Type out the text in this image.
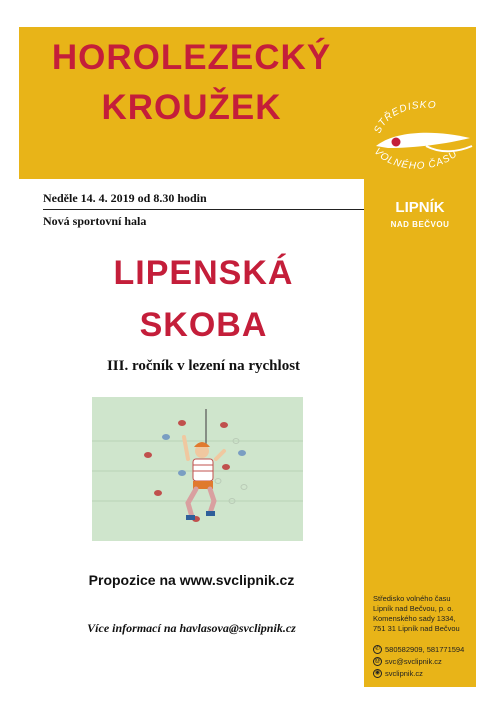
HOROLEZECKÝ
KROUŽEK
STŘEDISKO
VOLNÉHO ČASU
LIPNÍK
NAD BEČVOU

Neděle 14. 4. 2019 od 8.30 hodin

Nová sportovní hala

LIPENSKÁ
SKOBA

III. ročník v lezení na rychlost

Propozice na www.svclipnik.cz

Více informací na havlasova@svclipnik.cz

Středisko volného času
Lipník nad Bečvou, p. o.
Komenského sady 1334,
751 31 Lipník nad Bečvou
✆ 580582909, 581771594
@ svc@svclipnik.cz
◉ svclipnik.cz
